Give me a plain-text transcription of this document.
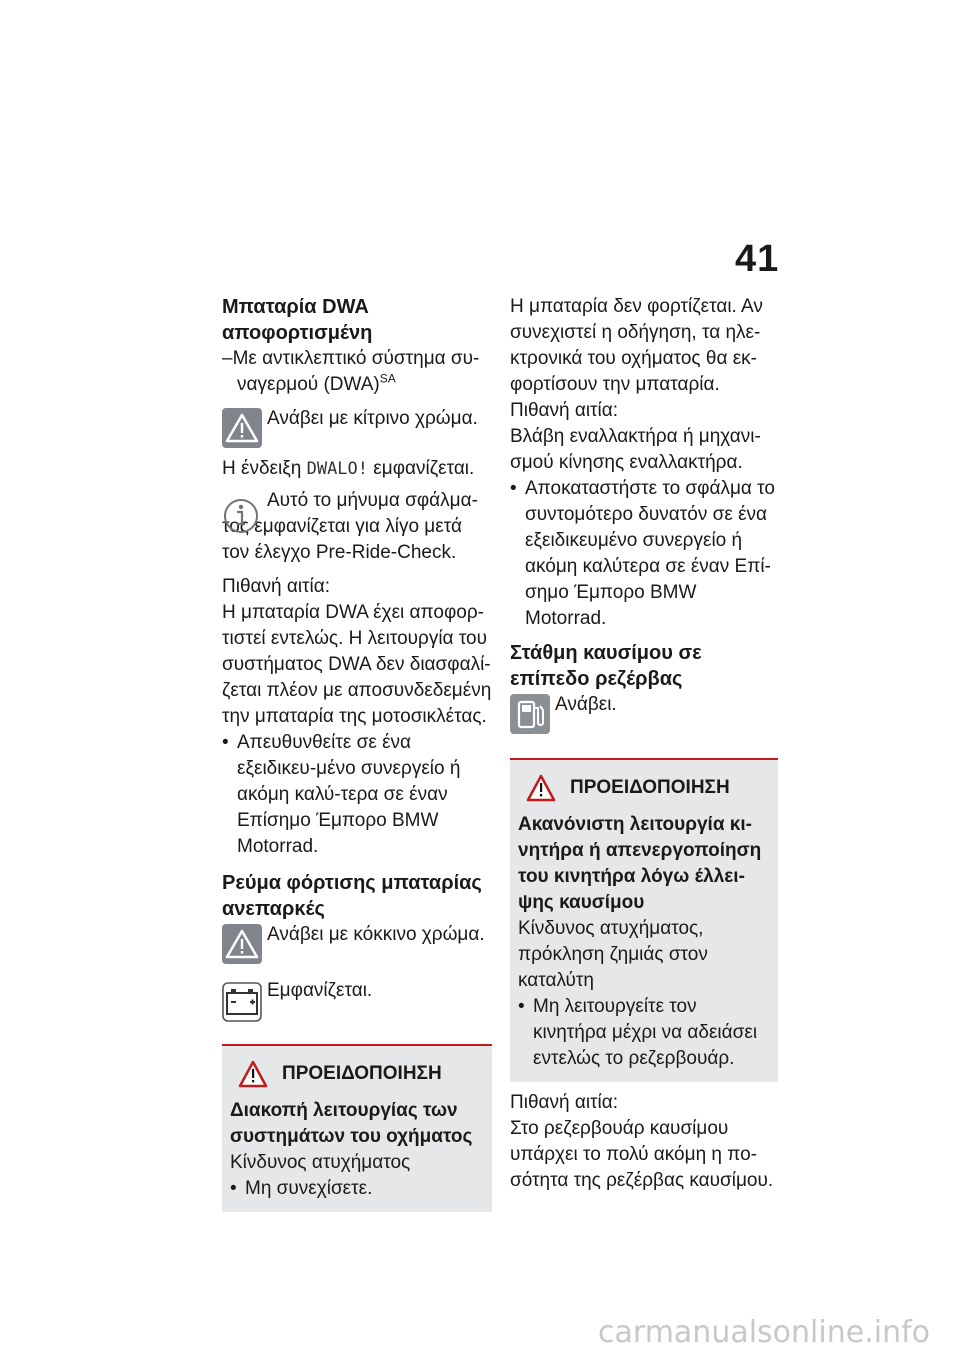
41

Μπαταρία DWA αποφορτισμένη

–Με αντικλεπτικό σύστημα συ-
ναγερμού (DWA)$^{SA}$

Ανάβει με κίτρινο χρώμα.

Η ένδειξη DWALO! εμφανίζεται.

Αυτό το μήνυμα σφάλμα-τος εμφανίζεται για λίγο μετά τον έλεγχο Pre-Ride-Check.

Πιθανή αιτία:

Η μπαταρία DWA έχει αποφορ-τιστεί εντελώς. Η λειτουργία του συστήματος DWA δεν διασφαλί-ζεται πλέον με αποσυνδεδεμένη την μπαταρία της μοτοσικλέτας.

• Απευθυνθείτε σε ένα εξειδικευ-μένο συνεργείο ή ακόμη καλύ-τερα σε έναν Επίσημο Έμπορο BMW Motorrad.

Ρεύμα φόρτισης μπαταρίας ανεπαρκές

Ανάβει με κόκκινο χρώμα.

Εμφανίζεται.

ΠΡΟΕΙΔΟΠΟΙΗΣΗ

Διακοπή λειτουργίας των συστημάτων του οχήματος

Κίνδυνος ατυχήματος

• Μη συνεχίσετε.

Η μπαταρία δεν φορτίζεται. Αν συνεχιστεί η οδήγηση, τα ηλε-κτρονικά του οχήματος θα εκ-φορτίσουν την μπαταρία.

Πιθανή αιτία:

Βλάβη εναλλακτήρα ή μηχανι-σμού κίνησης εναλλακτήρα.

• Αποκαταστήστε το σφάλμα το συντομότερο δυνατόν σε ένα εξειδικευμένο συνεργείο ή ακόμη καλύτερα σε έναν Επί-σημο Έμπορο BMW Motorrad.

Στάθμη καυσίμου σε επίπεδο ρεζέρβας

Ανάβει.

ΠΡΟΕΙΔΟΠΟΙΗΣΗ

Ακανόνιστη λειτουργία κι-νητήρα ή απενεργοποίηση του κινητήρα λόγω έλλει-ψης καυσίμου

Κίνδυνος ατυχήματος, πρόκληση ζημιάς στον καταλύτη

• Μη λειτουργείτε τον κινητήρα μέχρι να αδειάσει εντελώς το ρεζερβουάρ.

Πιθανή αιτία:

Στο ρεζερβουάρ καυσίμου υπάρχει το πολύ ακόμη η πο-σότητα της ρεζέρβας καυσίμου.

carmanualsonline.info
